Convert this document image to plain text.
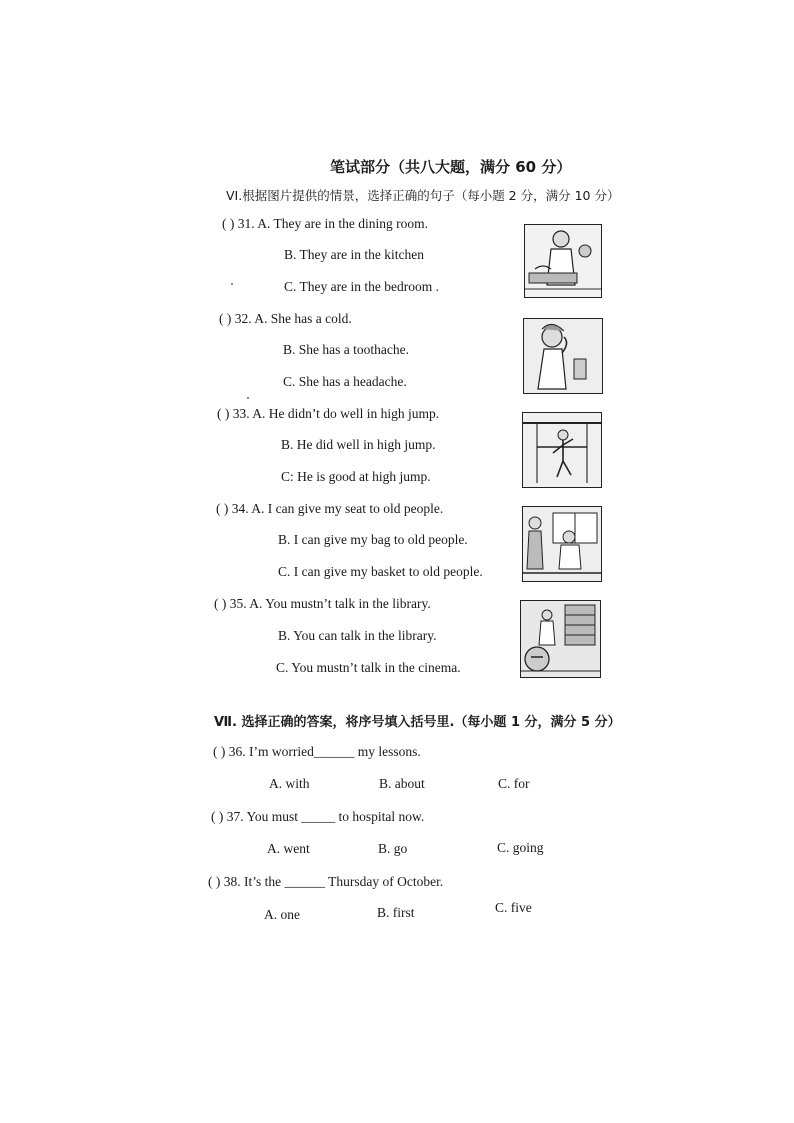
笔试部分（共八大题，满分 60 分）
VI.根据图片提供的情景，选择正确的句子（每小题 2 分，满分 10 分）
( ) 31. A. They are in the dining room.
B. They are in the kitchen
C. They are in the bedroom .
( ) 32. A. She has a cold.
B. She has a toothache.
C. She has a headache.
( ) 33. A. He didn’t do well in high jump.
B. He did well in high jump.
C: He is good at high jump.
( ) 34. A. I can give my seat to old people.
B. I can give my bag to old people.
C. I can give my basket to old people.
( ) 35. A. You mustn’t talk in the library.
B. You can talk in the library.
C. You mustn’t talk in the cinema.
Ⅶ. 选择正确的答案，将序号填入括号里.（每小题 1 分，满分 5 分）
( ) 36. I’m worried______ my lessons.
A. with	B. about	C. for
( ) 37. You must _____ to hospital now.
A. went	B. go	C. going
( ) 38. It’s the ______ Thursday of October.
A. one	B. first	C. five
